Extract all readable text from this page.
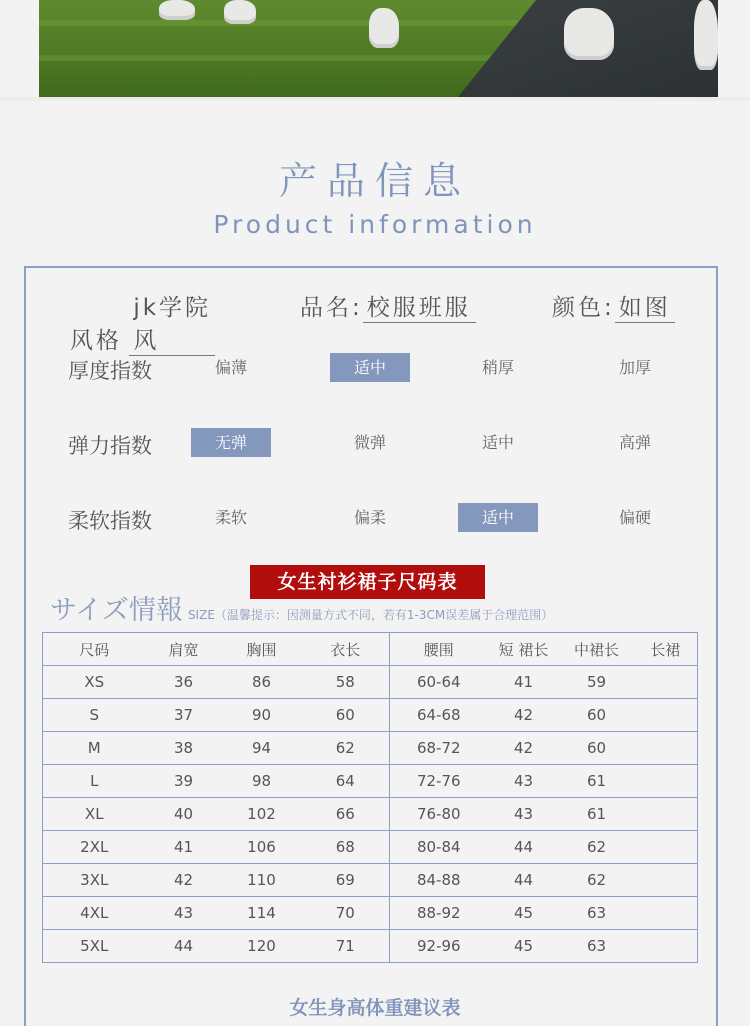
产品信息
Product information
风格 jk学院风
品名: 校服班服	颜色: 如图
厚度指数	偏薄	适中	稍厚	加厚
弹力指数	无弹	微弹	适中	高弹
柔软指数	柔软	偏柔	适中	偏硬
女生衬衫裙子尺码表
サイズ情報 SIZE（温馨提示：因测量方式不同，若有1-3CM误差属于合理范围）
尺码	肩宽	胸围	衣长	腰围	短 裙长	中裙长	长裙
XS	36	86	58	60-64	41	59	
S	37	90	60	64-68	42	60	
M	38	94	62	68-72	42	60	
L	39	98	64	72-76	43	61	
XL	40	102	66	76-80	43	61	
2XL	41	106	68	80-84	44	62	
3XL	42	110	69	84-88	44	62	
4XL	43	114	70	88-92	45	63	
5XL	44	120	71	92-96	45	63	
女生身高体重建议表
